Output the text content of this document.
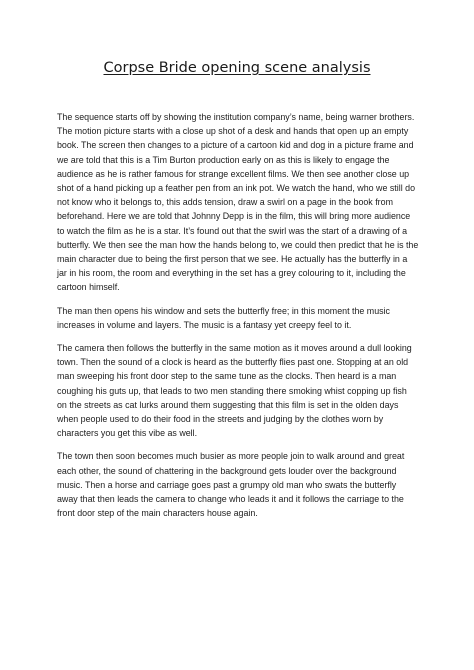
Corpse Bride opening scene analysis

The sequence starts off by showing the institution company’s name, being warner brothers. The motion picture starts with a close up shot of a desk and hands that open up an empty book. The screen then changes to a picture of a cartoon kid and dog in a picture frame and we are told that this is a Tim Burton production early on as this is likely to engage the audience as he is rather famous for strange excellent films. We then see another close up shot of a hand picking up a feather pen from an ink pot. We watch the hand, who we still do not know who it belongs to, this adds tension, draw a swirl on a page in the book from beforehand. Here we are told that Johnny Depp is in the film, this will bring more audience to watch the film as he is a star. It’s found out that the swirl was the start of a drawing of a butterfly. We then see the man how the hands belong to, we could then predict that he is the main character due to being the first person that we see. He actually has the butterfly in a jar in his room, the room and everything in the set has a grey colouring to it, including the cartoon himself.

The man then opens his window and sets the butterfly free; in this moment the music increases in volume and layers. The music is a fantasy yet creepy feel to it.

The camera then follows the butterfly in the same motion as it moves around a dull looking town. Then the sound of a clock is heard as the butterfly flies past one. Stopping at an old man sweeping his front door step to the same tune as the clocks. Then heard is a man coughing his guts up, that leads to two men standing there smoking whist copping up fish on the streets as cat lurks around them suggesting that this film is set in the olden days when people used to do their food in the streets and judging by the clothes worn by characters you get this vibe as well.

The town then soon becomes much busier as more people join to walk around and great each other, the sound of chattering in the background gets louder over the background music. Then a horse and carriage goes past a grumpy old man who swats the butterfly away that then leads the camera to change who leads it and it follows the carriage to the front door step of the main characters house again.
